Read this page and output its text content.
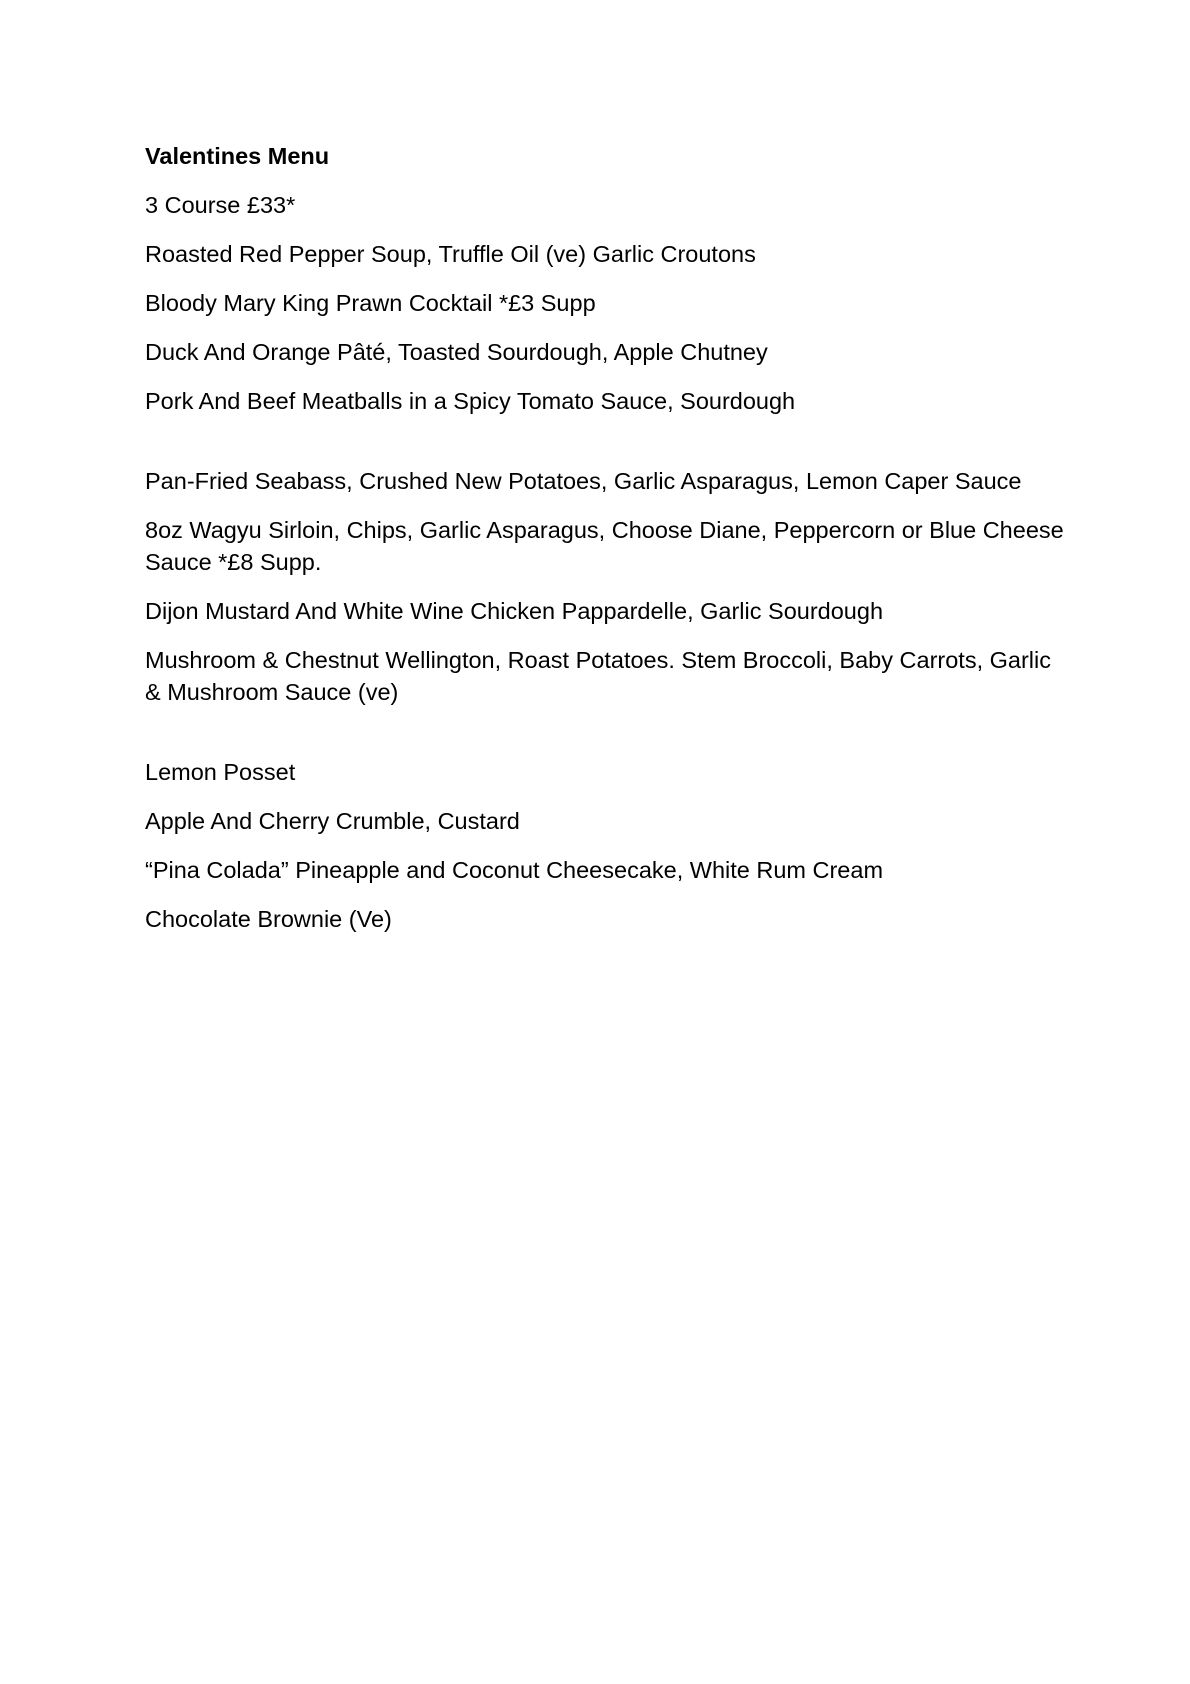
Valentines Menu
3 Course £33*
Roasted Red Pepper Soup, Truffle Oil (ve) Garlic Croutons
Bloody Mary King Prawn Cocktail *£3 Supp
Duck And Orange Pâté, Toasted Sourdough, Apple Chutney
Pork And Beef Meatballs in a Spicy Tomato Sauce, Sourdough
Pan-Fried Seabass, Crushed New Potatoes, Garlic Asparagus, Lemon Caper Sauce
8oz Wagyu Sirloin, Chips, Garlic Asparagus, Choose Diane, Peppercorn or Blue Cheese Sauce *£8 Supp.
Dijon Mustard And White Wine Chicken Pappardelle, Garlic Sourdough
Mushroom & Chestnut Wellington, Roast Potatoes. Stem Broccoli, Baby Carrots, Garlic & Mushroom Sauce (ve)
Lemon Posset
Apple And Cherry Crumble, Custard
“Pina Colada” Pineapple and Coconut Cheesecake, White Rum Cream
Chocolate Brownie (Ve)
